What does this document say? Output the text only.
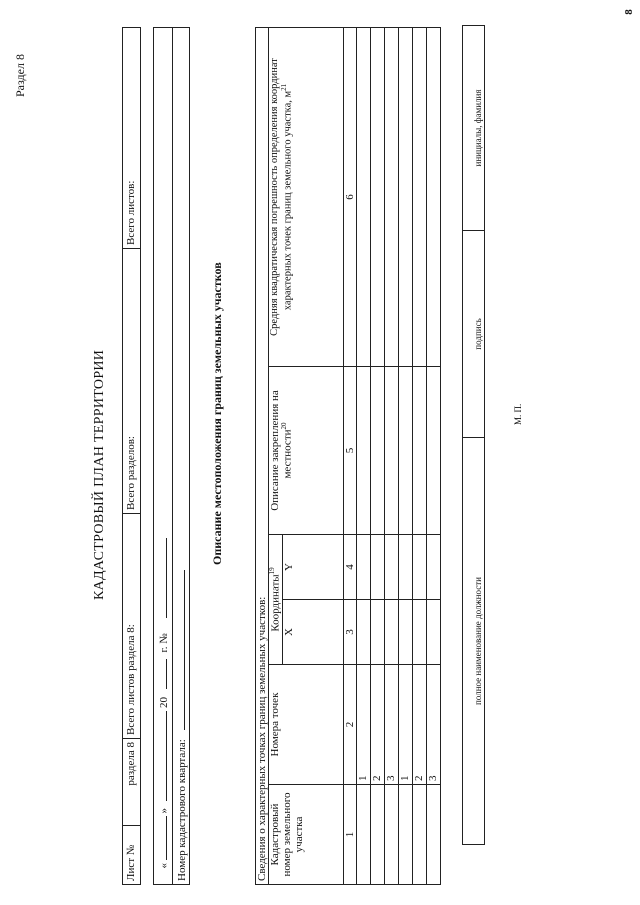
8
Раздел 8
КАДАСТРОВЫЙ ПЛАН ТЕРРИТОРИИ
Лист №	раздела 8	Всего листов раздела 8:	Всего разделов:	Всего листов:
«  »  20  г. №
Номер кадастрового квартала:
Описание местоположения границ земельных участков
Сведения о характерных точках границ земельных участков:					
Кадастровый номер земельного участка	Номера точек	Координаты$^{19}$		Описание закрепления на местности$^{20}$	Средняя квадратическая погрешность определения координат характерных точек границ земельного участка, $м^{21}$
		X	Y		
1	2	3	4	5	6
	1				
	2				
	3				
	1				
	2				
	3				
полное наименование должности	подпись	инициалы, фамилия
М. П.
